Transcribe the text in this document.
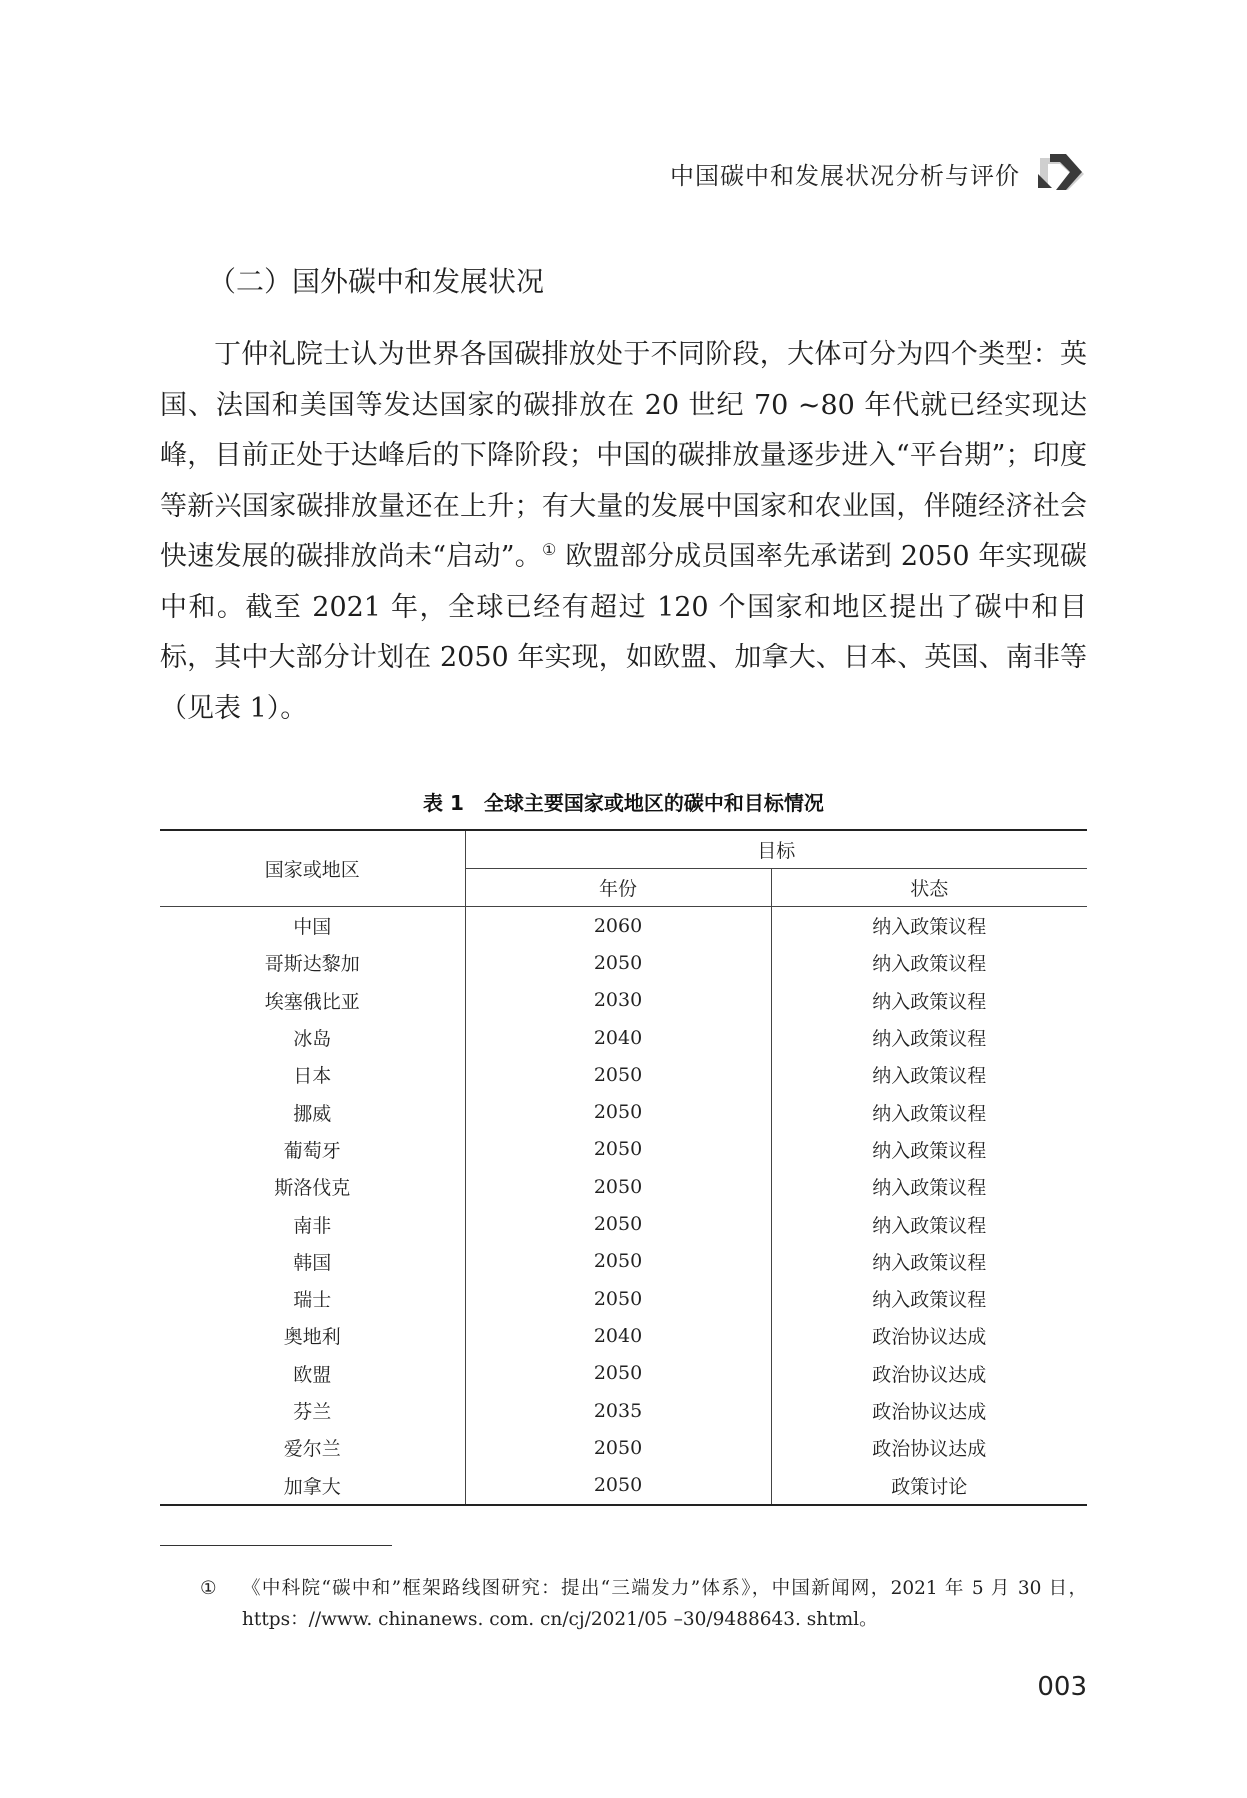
中国碳中和发展状况分析与评价
（二）国外碳中和发展状况
丁仲礼院士认为世界各国碳排放处于不同阶段，大体可分为四个类型：英国、法国和美国等发达国家的碳排放在 20 世纪 70 ~80 年代就已经实现达峰，目前正处于达峰后的下降阶段；中国的碳排放量逐步进入“平台期”；印度等新兴国家碳排放量还在上升；有大量的发展中国家和农业国，伴随经济社会快速发展的碳排放尚未“启动”。① 欧盟部分成员国率先承诺到 2050 年实现碳中和。截至 2021 年，全球已经有超过 120 个国家和地区提出了碳中和目标，其中大部分计划在 2050 年实现，如欧盟、加拿大、日本、英国、南非等（见表 1）。
表 1　全球主要国家或地区的碳中和目标情况
国家或地区	目标	
	年份	状态
中国	2060	纳入政策议程
哥斯达黎加	2050	纳入政策议程
埃塞俄比亚	2030	纳入政策议程
冰岛	2040	纳入政策议程
日本	2050	纳入政策议程
挪威	2050	纳入政策议程
葡萄牙	2050	纳入政策议程
斯洛伐克	2050	纳入政策议程
南非	2050	纳入政策议程
韩国	2050	纳入政策议程
瑞士	2050	纳入政策议程
奥地利	2040	政治协议达成
欧盟	2050	政治协议达成
芬兰	2035	政治协议达成
爱尔兰	2050	政治协议达成
加拿大	2050	政策讨论
① 《中科院“碳中和”框架路线图研究：提出“三端发力”体系》，中国新闻网，2021 年 5 月 30 日，https：//www. chinanews. com. cn/cj/2021/05 –30/9488643. shtml。
003
